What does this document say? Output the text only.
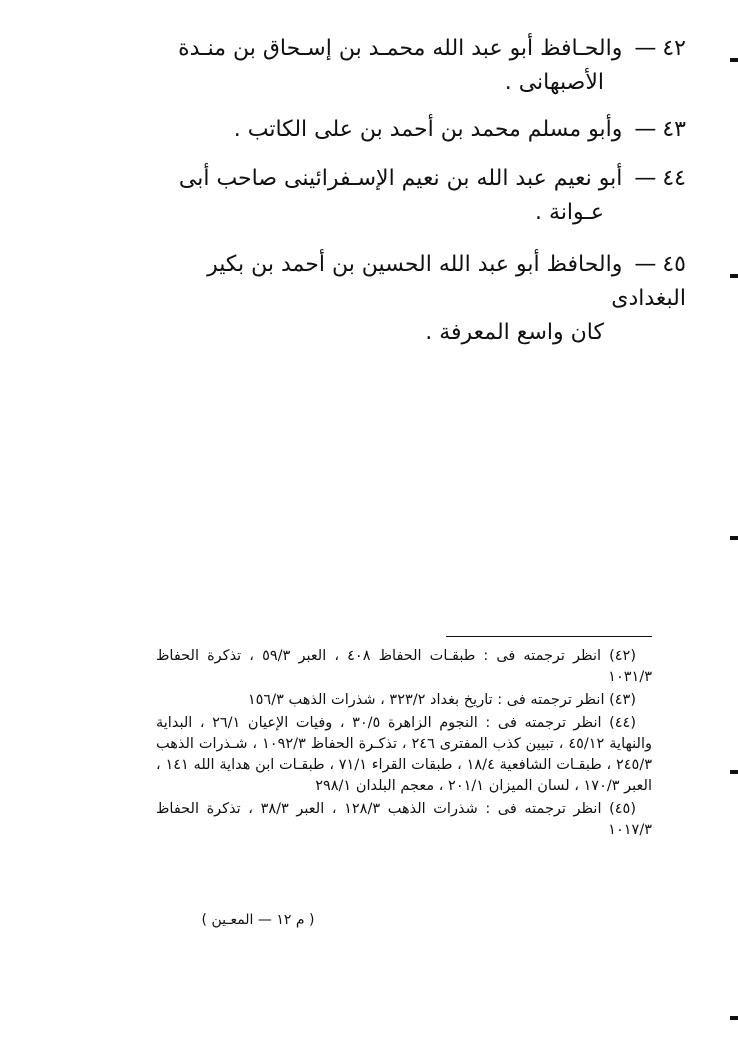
٤٢—والحـافظ أبو عبد الله محمـد بن إسـحاق بن منـدة
الأصبهانى .
٤٣—وأبو مسلم محمد بن أحمد بن على الكاتب .
٤٤—أبو نعيم عبد الله بن نعيم الإسـفرائينى صاحب أبى
عـوانة .
٤٥—والحافظ أبو عبد الله الحسين بن أحمد بن بكير البغدادى
كان واسع المعرفة .

(٤٢) انظر ترجمته فى : طبقـات الحفاظ ٤٠٨ ، العبر ٥٩/٣ ، تذكرة الحفاظ ١٠٣١/٣

(٤٣) انظر ترجمته فى : تاريخ بغداد ٣٢٣/٢ ، شذرات الذهب ١٥٦/٣

(٤٤) انظر ترجمته فى : النجوم الزاهرة ٣٠/٥ ، وفيات الإعيان ٢٦/١ ، البداية والنهاية ٤٥/١٢ ، تبيين كذب المفترى ٢٤٦ ، تذكـرة الحفاظ ١٠٩٢/٣ ، شـذرات الذهب ٢٤٥/٣ ، طبقـات الشافعية ١٨/٤ ، طبقات القراء ٧١/١ ، طبقـات ابن هداية الله ١٤١ ، العبر ١٧٠/٣ ، لسان الميزان ٢٠١/١ ، معجم البلدان ٢٩٨/١

(٤٥) انظر ترجمته فى : شذرات الذهب ١٢٨/٣ ، العبر ٣٨/٣ ، تذكرة الحفاظ ١٠١٧/٣

( م ١٢ — المعـين )
